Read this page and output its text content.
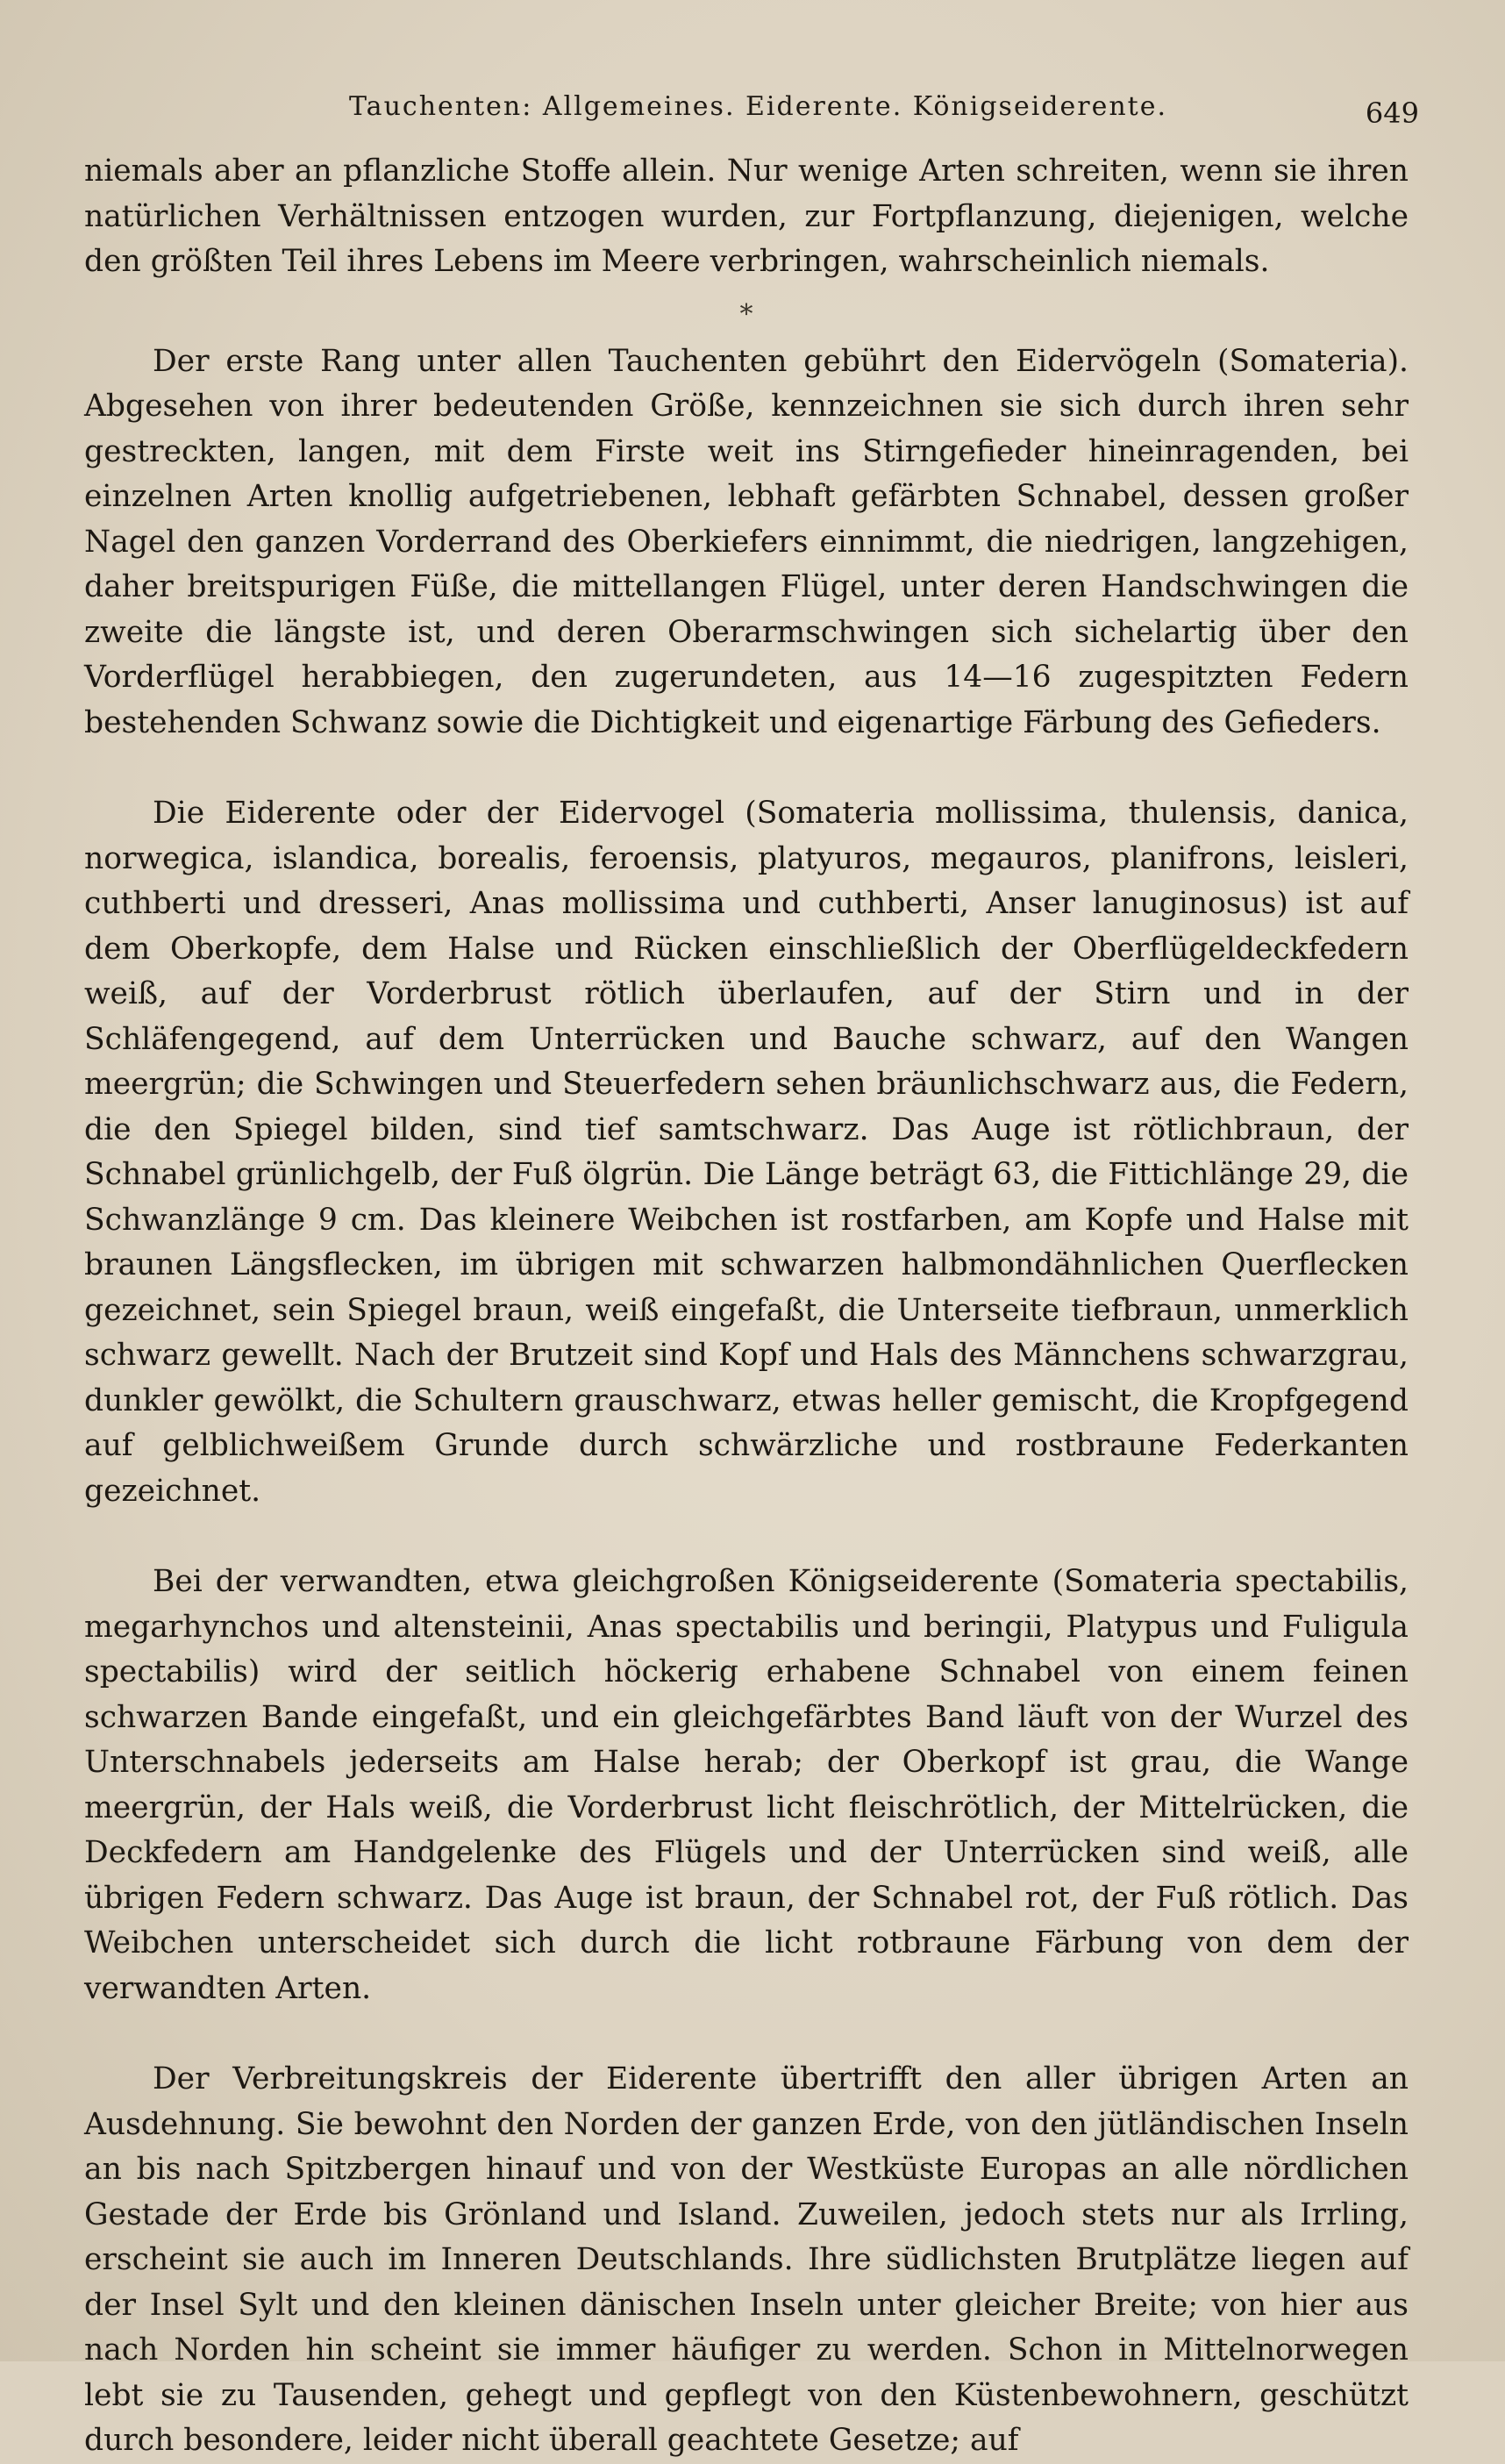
Tauchenten: Allgemeines. Eiderente. Königseiderente.	649

niemals aber an pflanzliche Stoffe allein. Nur wenige Arten schreiten, wenn sie ihren natürlichen Verhältnissen entzogen wurden, zur Fortpflanzung, diejenigen, welche den größten Teil ihres Lebens im Meere verbringen, wahrscheinlich niemals.

*

Der erste Rang unter allen Tauchenten gebührt den Eidervögeln (Somateria). Abgesehen von ihrer bedeutenden Größe, kennzeichnen sie sich durch ihren sehr gestreckten, langen, mit dem Firste weit ins Stirngefieder hineinragenden, bei einzelnen Arten knollig aufgetriebenen, lebhaft gefärbten Schnabel, dessen großer Nagel den ganzen Vorderrand des Oberkiefers einnimmt, die niedrigen, langzehigen, daher breitspurigen Füße, die mittellangen Flügel, unter deren Handschwingen die zweite die längste ist, und deren Oberarmschwingen sich sichelartig über den Vorderflügel herabbiegen, den zugerundeten, aus 14—16 zugespitzten Federn bestehenden Schwanz sowie die Dichtigkeit und eigenartige Färbung des Gefieders.

Die Eiderente oder der Eidervogel (Somateria mollissima, thulensis, danica, norwegica, islandica, borealis, feroensis, platyuros, megauros, planifrons, leisleri, cuthberti und dresseri, Anas mollissima und cuthberti, Anser lanuginosus) ist auf dem Oberkopfe, dem Halse und Rücken einschließlich der Oberflügeldeckfedern weiß, auf der Vorderbrust rötlich überlaufen, auf der Stirn und in der Schläfengegend, auf dem Unterrücken und Bauche schwarz, auf den Wangen meergrün; die Schwingen und Steuerfedern sehen bräunlichschwarz aus, die Federn, die den Spiegel bilden, sind tief samtschwarz. Das Auge ist rötlichbraun, der Schnabel grünlichgelb, der Fuß ölgrün. Die Länge beträgt 63, die Fittichlänge 29, die Schwanzlänge 9 cm. Das kleinere Weibchen ist rostfarben, am Kopfe und Halse mit braunen Längsflecken, im übrigen mit schwarzen halbmondähnlichen Querflecken gezeichnet, sein Spiegel braun, weiß eingefaßt, die Unterseite tiefbraun, unmerklich schwarz gewellt. Nach der Brutzeit sind Kopf und Hals des Männchens schwarzgrau, dunkler gewölkt, die Schultern grauschwarz, etwas heller gemischt, die Kropfgegend auf gelblichweißem Grunde durch schwärzliche und rostbraune Federkanten gezeichnet.

Bei der verwandten, etwa gleichgroßen Königseiderente (Somateria spectabilis, megarhynchos und altensteinii, Anas spectabilis und beringii, Platypus und Fuligula spectabilis) wird der seitlich höckerig erhabene Schnabel von einem feinen schwarzen Bande eingefaßt, und ein gleichgefärbtes Band läuft von der Wurzel des Unterschnabels jederseits am Halse herab; der Oberkopf ist grau, die Wange meergrün, der Hals weiß, die Vorderbrust licht fleischrötlich, der Mittelrücken, die Deckfedern am Handgelenke des Flügels und der Unterrücken sind weiß, alle übrigen Federn schwarz. Das Auge ist braun, der Schnabel rot, der Fuß rötlich. Das Weibchen unterscheidet sich durch die licht rotbraune Färbung von dem der verwandten Arten.

Der Verbreitungskreis der Eiderente übertrifft den aller übrigen Arten an Ausdehnung. Sie bewohnt den Norden der ganzen Erde, von den jütländischen Inseln an bis nach Spitzbergen hinauf und von der Westküste Europas an alle nördlichen Gestade der Erde bis Grönland und Island. Zuweilen, jedoch stets nur als Irrling, erscheint sie auch im Inneren Deutschlands. Ihre südlichsten Brutplätze liegen auf der Insel Sylt und den kleinen dänischen Inseln unter gleicher Breite; von hier aus nach Norden hin scheint sie immer häufiger zu werden. Schon in Mittelnorwegen lebt sie zu Tausenden, gehegt und gepflegt von den Küstenbewohnern, geschützt durch besondere, leider nicht überall geachtete Gesetze; auf
